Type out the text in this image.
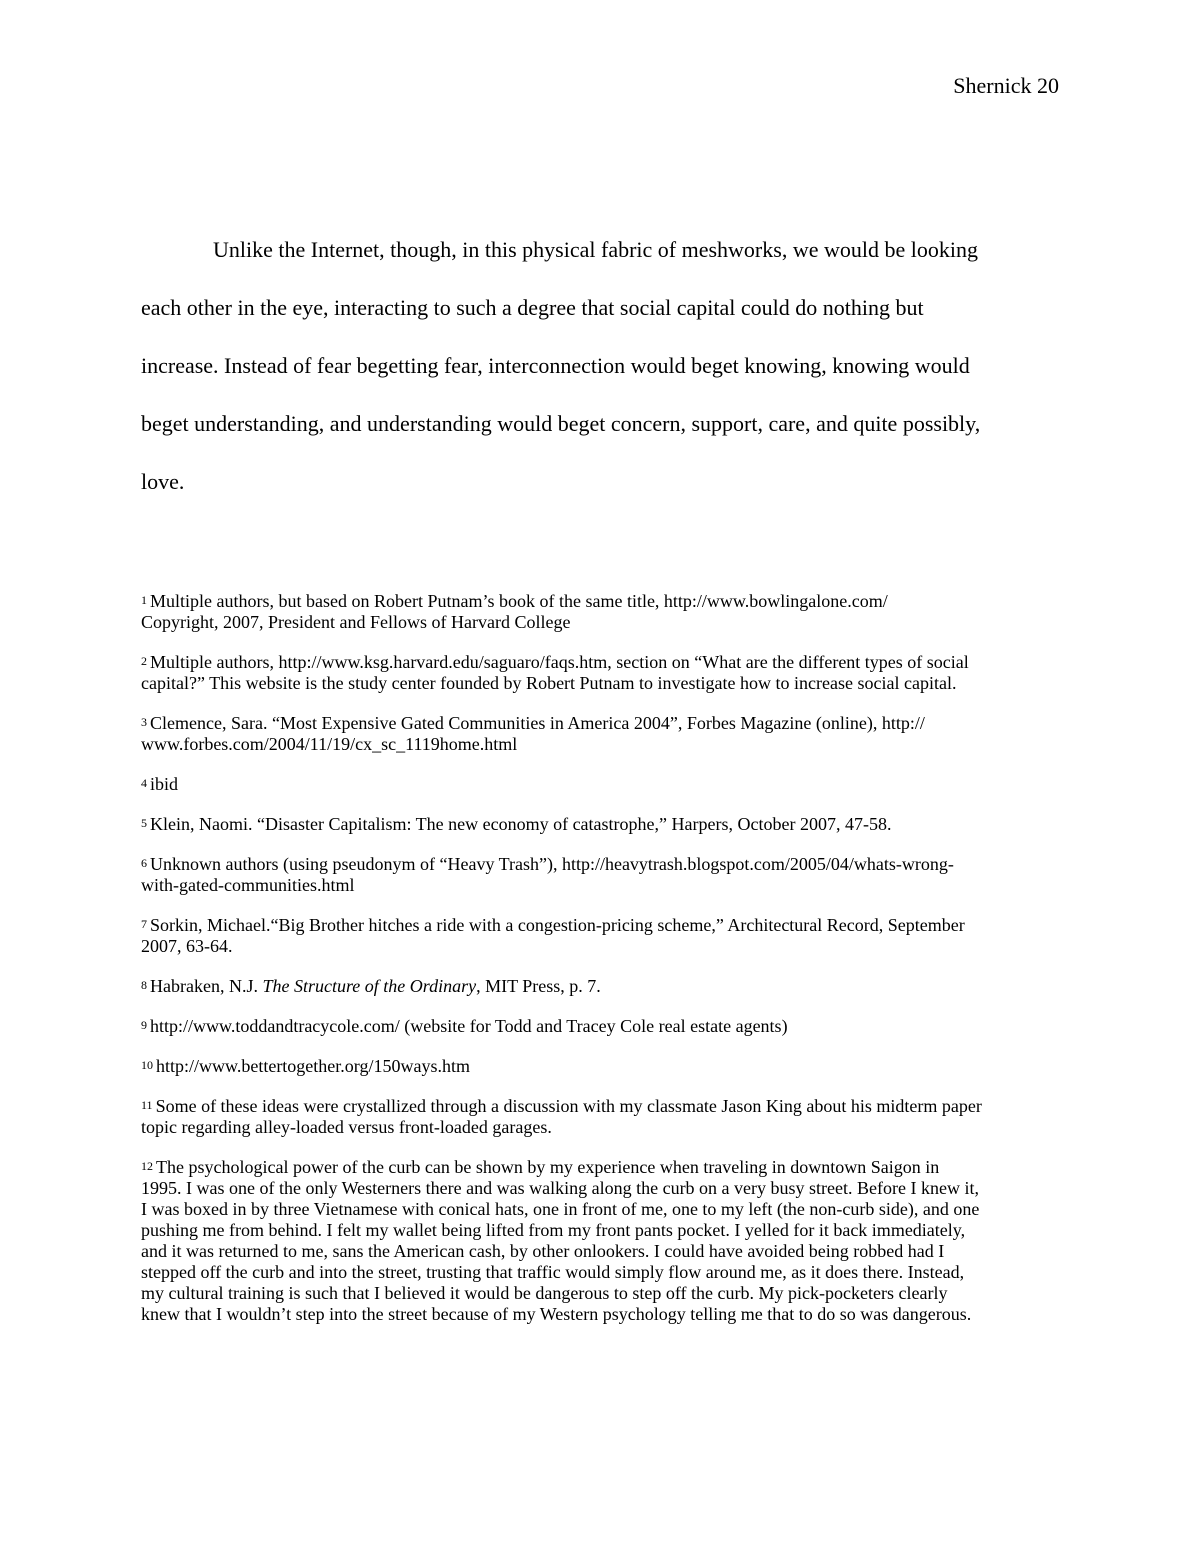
Shernick 20
Unlike the Internet, though, in this physical fabric of meshworks, we would be looking
each other in the eye, interacting to such a degree that social capital could do nothing but
increase. Instead of fear begetting fear, interconnection would beget knowing, knowing would
beget understanding, and understanding would beget concern, support, care, and quite possibly,
love.
1 Multiple authors, but based on Robert Putnam’s book of the same title, http://www.bowlingalone.com/
Copyright, 2007, President and Fellows of Harvard College
2 Multiple authors, http://www.ksg.harvard.edu/saguaro/faqs.htm, section on “What are the different types of social
capital?” This website is the study center founded by Robert Putnam to investigate how to increase social capital.
3 Clemence, Sara. “Most Expensive Gated Communities in America 2004”, Forbes Magazine (online), http://
www.forbes.com/2004/11/19/cx_sc_1119home.html
4 ibid
5 Klein, Naomi. “Disaster Capitalism: The new economy of catastrophe,” Harpers, October 2007, 47-58.
6 Unknown authors (using pseudonym of “Heavy Trash”), http://heavytrash.blogspot.com/2005/04/whats-wrong-
with-gated-communities.html
7 Sorkin, Michael.“Big Brother hitches a ride with a congestion-pricing scheme,” Architectural Record, September
2007, 63-64.
8 Habraken, N.J. The Structure of the Ordinary, MIT Press, p. 7.
9 http://www.toddandtracycole.com/ (website for Todd and Tracey Cole real estate agents)
10 http://www.bettertogether.org/150ways.htm
11 Some of these ideas were crystallized through a discussion with my classmate Jason King about his midterm paper
topic regarding alley-loaded versus front-loaded garages.
12 The psychological power of the curb can be shown by my experience when traveling in downtown Saigon in
1995. I was one of the only Westerners there and was walking along the curb on a very busy street. Before I knew it,
I was boxed in by three Vietnamese with conical hats, one in front of me, one to my left (the non-curb side), and one
pushing me from behind. I felt my wallet being lifted from my front pants pocket. I yelled for it back immediately,
and it was returned to me, sans the American cash, by other onlookers. I could have avoided being robbed had I
stepped off the curb and into the street, trusting that traffic would simply flow around me, as it does there. Instead,
my cultural training is such that I believed it would be dangerous to step off the curb. My pick-pocketers clearly
knew that I wouldn’t step into the street because of my Western psychology telling me that to do so was dangerous.
